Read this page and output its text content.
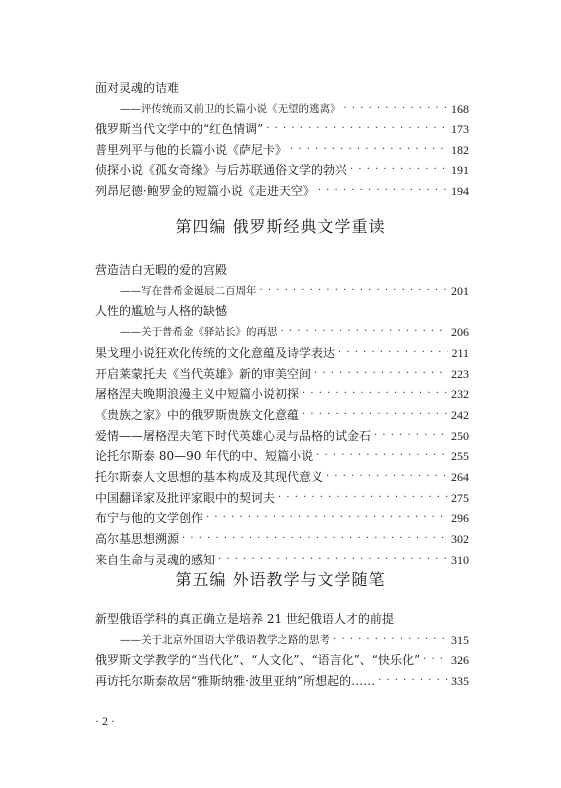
面对灵魂的诘难
——评传统而又前卫的长篇小说《无望的逃离》 · · ·	168
俄罗斯当代文学中的“红色情调” · · ·	173
普里列平与他的长篇小说《萨尼卡》 · · ·	182
侦探小说《孤女奇缘》与后苏联通俗文学的勃兴 · · ·	191
列昂尼德·鲍罗金的短篇小说《走进天空》 · · ·	194
第四编 俄罗斯经典文学重读
营造洁白无暇的爱的宫殿
——写在普希金诞辰二百周年 · · ·	201
人性的尴尬与人格的缺憾
——关于普希金《驿站长》的再思 · · ·	206
果戈理小说狂欢化传统的文化意蕴及诗学表达 · · ·	211
开启莱蒙托夫《当代英雄》新的审美空间 · · ·	223
屠格涅夫晚期浪漫主义中短篇小说初探 · · ·	232
《贵族之家》中的俄罗斯贵族文化意蕴 · · ·	242
爱情——屠格涅夫笔下时代英雄心灵与品格的试金石 · · ·	250
论托尔斯泰 80—90 年代的中、短篇小说 · · ·	255
托尔斯泰人文思想的基本构成及其现代意义 · · ·	264
中国翻译家及批评家眼中的契诃夫 · · ·	275
布宁与他的文学创作 · · ·	296
高尔基思想溯源 · · ·	302
来自生命与灵魂的感知 · · ·	310
第五编 外语教学与文学随笔
新型俄语学科的真正确立是培养 21 世纪俄语人才的前提
——关于北京外国语大学俄语教学之路的思考 · · ·	315
俄罗斯文学教学的“当代化”、“人文化”、“语言化”、“快乐化” · · ·	326
再访托尔斯泰故居“雅斯纳雅·波里亚纳”所想起的…… · · ·	335
· 2 ·
